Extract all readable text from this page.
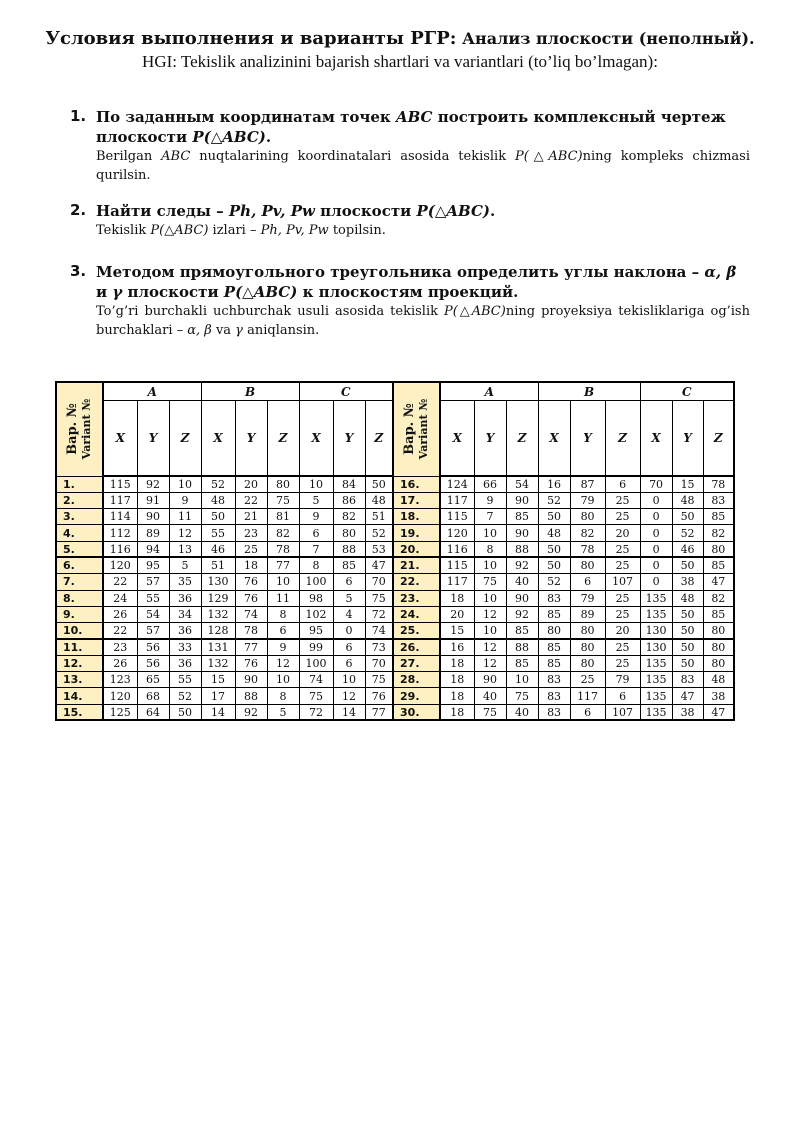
Условия выполнения и варианты РГР: Анализ плоскости (неполный).
HGI: Tekislik analizinini bajarish shartlari va variantlari (to’liq bo’lmagan):
1. По заданным координатам точек ABC построить комплексный чертеж плоскости P(△ABC).
Berilgan ABC nuqtalarining koordinatalari asosida tekislik P(△ABC)ning kompleks chizmasi qurilsin.
2. Найти следы – Ph, Pv, Pw плоскости P(△ABC).
Tekislik P(△ABC) izlari – Ph, Pv, Pw topilsin.
3. Методом прямоугольного треугольника определить углы наклона – α, β и γ плоскости P(△ABC) к плоскостям проекций.
To’g’ri burchakli uchburchak usuli asosida tekislik P(△ABC)ning proyeksiya tekisliklariga og’ish burchaklari – α, β va γ aniqlansin.
Вар. № Variant №	A			B			C			Вар. № Variant №	A			B			C		
	X	Y	Z	X	Y	Z	X	Y	Z		X	Y	Z	X	Y	Z	X	Y	Z
1.	115	92	10	52	20	80	10	84	50	16.	124	66	54	16	87	6	70	15	78
2.	117	91	9	48	22	75	5	86	48	17.	117	9	90	52	79	25	0	48	83
3.	114	90	11	50	21	81	9	82	51	18.	115	7	85	50	80	25	0	50	85
4.	112	89	12	55	23	82	6	80	52	19.	120	10	90	48	82	20	0	52	82
5.	116	94	13	46	25	78	7	88	53	20.	116	8	88	50	78	25	0	46	80
6.	120	95	5	51	18	77	8	85	47	21.	115	10	92	50	80	25	0	50	85
7.	22	57	35	130	76	10	100	6	70	22.	117	75	40	52	6	107	0	38	47
8.	24	55	36	129	76	11	98	5	75	23.	18	10	90	83	79	25	135	48	82
9.	26	54	34	132	74	8	102	4	72	24.	20	12	92	85	89	25	135	50	85
10.	22	57	36	128	78	6	95	0	74	25.	15	10	85	80	80	20	130	50	80
11.	23	56	33	131	77	9	99	6	73	26.	16	12	88	85	80	25	130	50	80
12.	26	56	36	132	76	12	100	6	70	27.	18	12	85	85	80	25	135	50	80
13.	123	65	55	15	90	10	74	10	75	28.	18	90	10	83	25	79	135	83	48
14.	120	68	52	17	88	8	75	12	76	29.	18	40	75	83	117	6	135	47	38
15.	125	64	50	14	92	5	72	14	77	30.	18	75	40	83	6	107	135	38	47
